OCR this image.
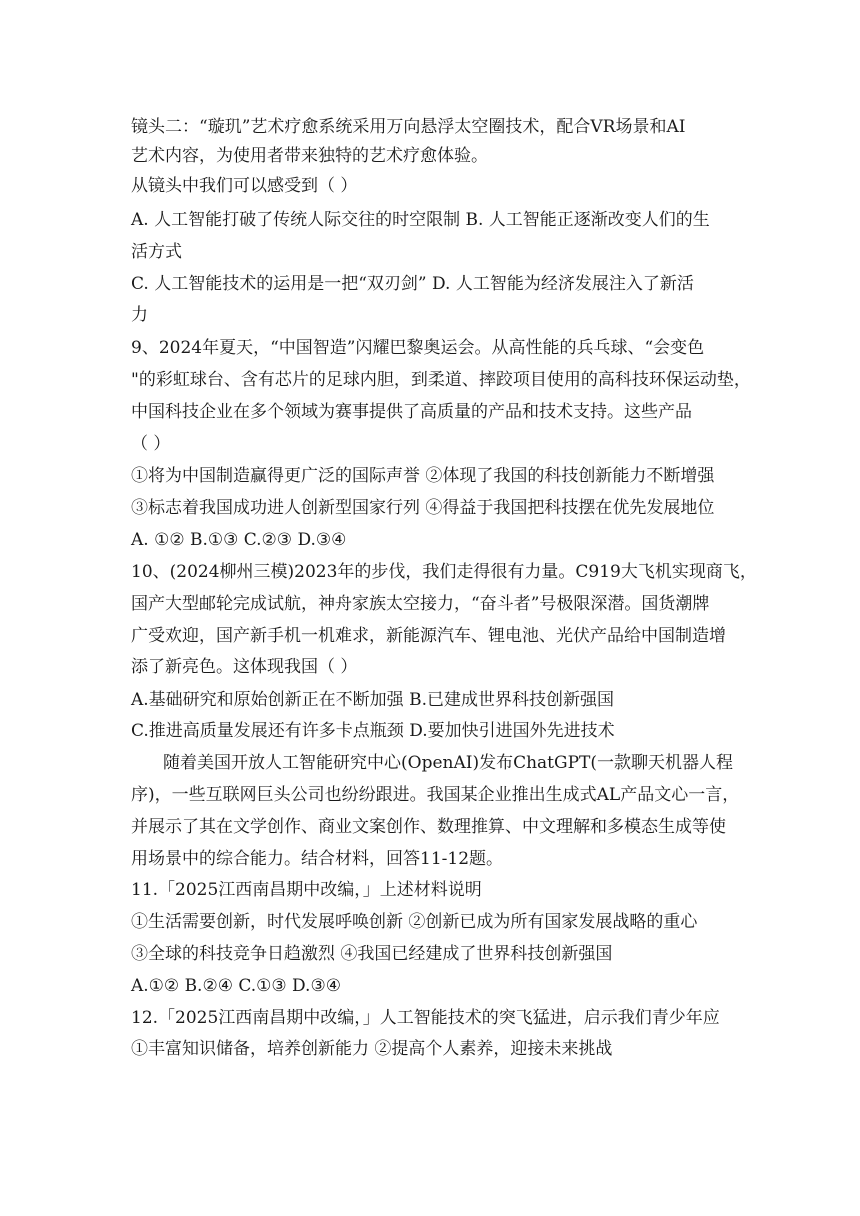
镜头二：“璇玑”艺术疗愈系统采用万向悬浮太空圈技术，配合VR场景和AI
艺术内容，为使用者带来独特的艺术疗愈体验。
从镜头中我们可以感受到（ ）
A. 人工智能打破了传统人际交往的时空限制 B. 人工智能正逐渐改变人们的生
活方式
C. 人工智能技术的运用是一把“双刃剑” D. 人工智能为经济发展注入了新活
力
9、2024年夏天，“中国智造”闪耀巴黎奥运会。从高性能的兵乓球、“会变色
"的彩虹球台、含有芯片的足球内胆，到柔道、摔跤项目使用的高科技环保运动垫，
中国科技企业在多个领域为赛事提供了高质量的产品和技术支持。这些产品
（ ）
①将为中国制造赢得更广泛的国际声誉 ②体现了我国的科技创新能力不断增强
③标志着我国成功进人创新型国家行列 ④得益于我国把科技摆在优先发展地位
A. ①② B.①③ C.②③ D.③④
10、(2024柳州三模)2023年的步伐，我们走得很有力量。C919大飞机实现商飞，
国产大型邮轮完成试航，神舟家族太空接力，“奋斗者”号极限深潜。国货潮牌
广受欢迎，国产新手机一机难求，新能源汽车、锂电池、光伏产品给中国制造增
添了新亮色。这体现我国（ ）
A.基础研究和原始创新正在不断加强 B.已建成世界科技创新强国
C.推进高质量发展还有许多卡点瓶颈 D.要加快引进国外先进技术
随着美国开放人工智能研究中心(OpenAI)发布ChatGPT(一款聊天机器人程
序)，一些互联网巨头公司也纷纷跟进。我国某企业推出生成式AL产品文心一言，
并展示了其在文学创作、商业文案创作、数理推算、中文理解和多模态生成等使
用场景中的综合能力。结合材料，回答11-12题。
11.「2025江西南昌期中改编，」上述材料说明
①生活需要创新，时代发展呼唤创新 ②创新已成为所有国家发展战略的重心
③全球的科技竞争日趋激烈 ④我国已经建成了世界科技创新强国
A.①② B.②④ C.①③ D.③④
12.「2025江西南昌期中改编，」人工智能技术的突飞猛进，启示我们青少年应
①丰富知识储备，培养创新能力 ②提高个人素养，迎接未来挑战
